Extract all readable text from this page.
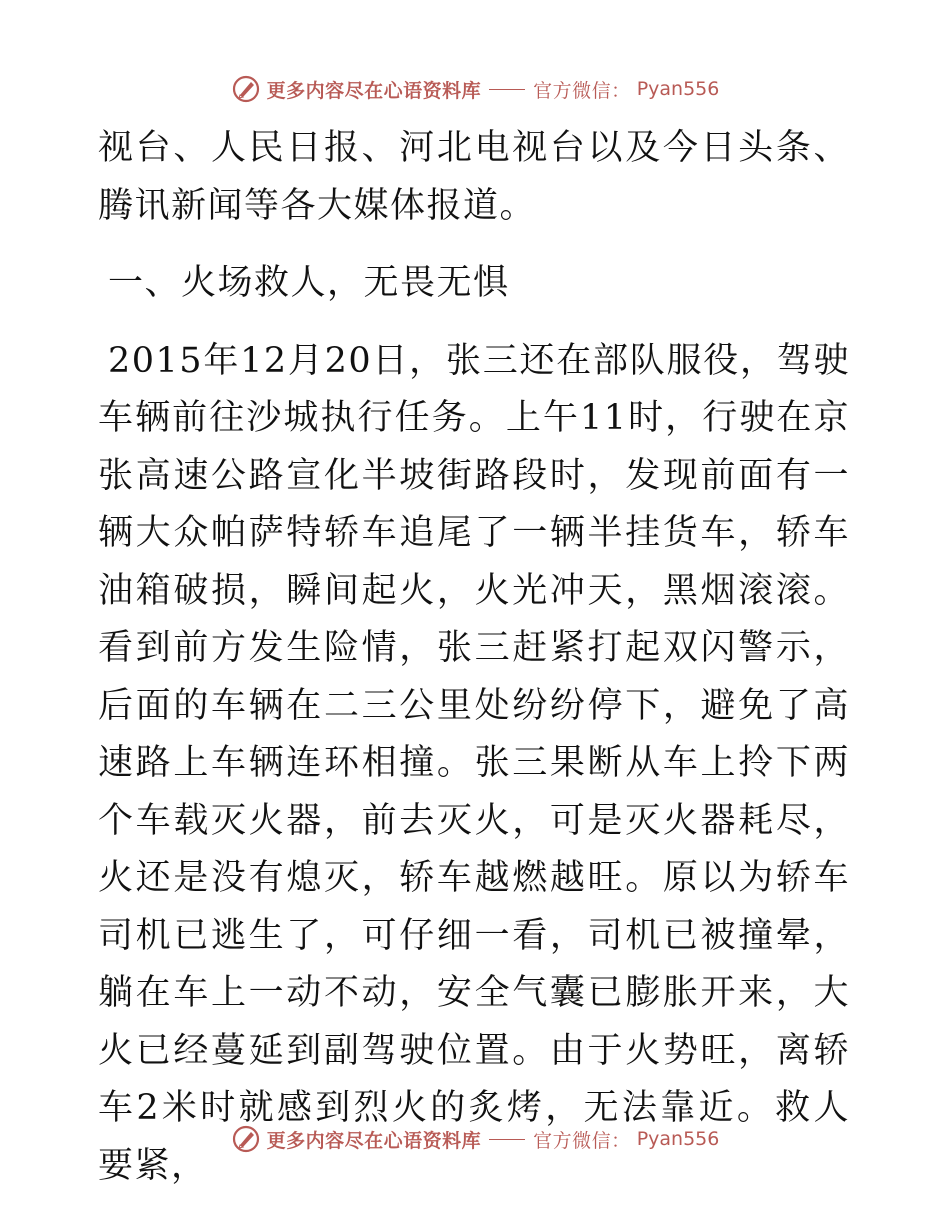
更多内容尽在心语资料库	官方微信： Pyan556

视台、人民日报、河北电视台以及今日头条、腾讯新闻等各大媒体报道。

一、火场救人，无畏无惧

2015年12月20日，张三还在部队服役，驾驶车辆前往沙城执行任务。上午11时，行驶在京张高速公路宣化半坡街路段时，发现前面有一辆大众帕萨特轿车追尾了一辆半挂货车，轿车油箱破损，瞬间起火，火光冲天，黑烟滚滚。看到前方发生险情，张三赶紧打起双闪警示，后面的车辆在二三公里处纷纷停下，避免了高速路上车辆连环相撞。张三果断从车上拎下两个车载灭火器，前去灭火，可是灭火器耗尽，火还是没有熄灭，轿车越燃越旺。原以为轿车司机已逃生了，可仔细一看，司机已被撞晕，躺在车上一动不动，安全气囊已膨胀开来，大火已经蔓延到副驾驶位置。由于火势旺，离轿车2米时就感到烈火的炙烤，无法靠近。救人要紧，

更多内容尽在心语资料库	官方微信： Pyan556
